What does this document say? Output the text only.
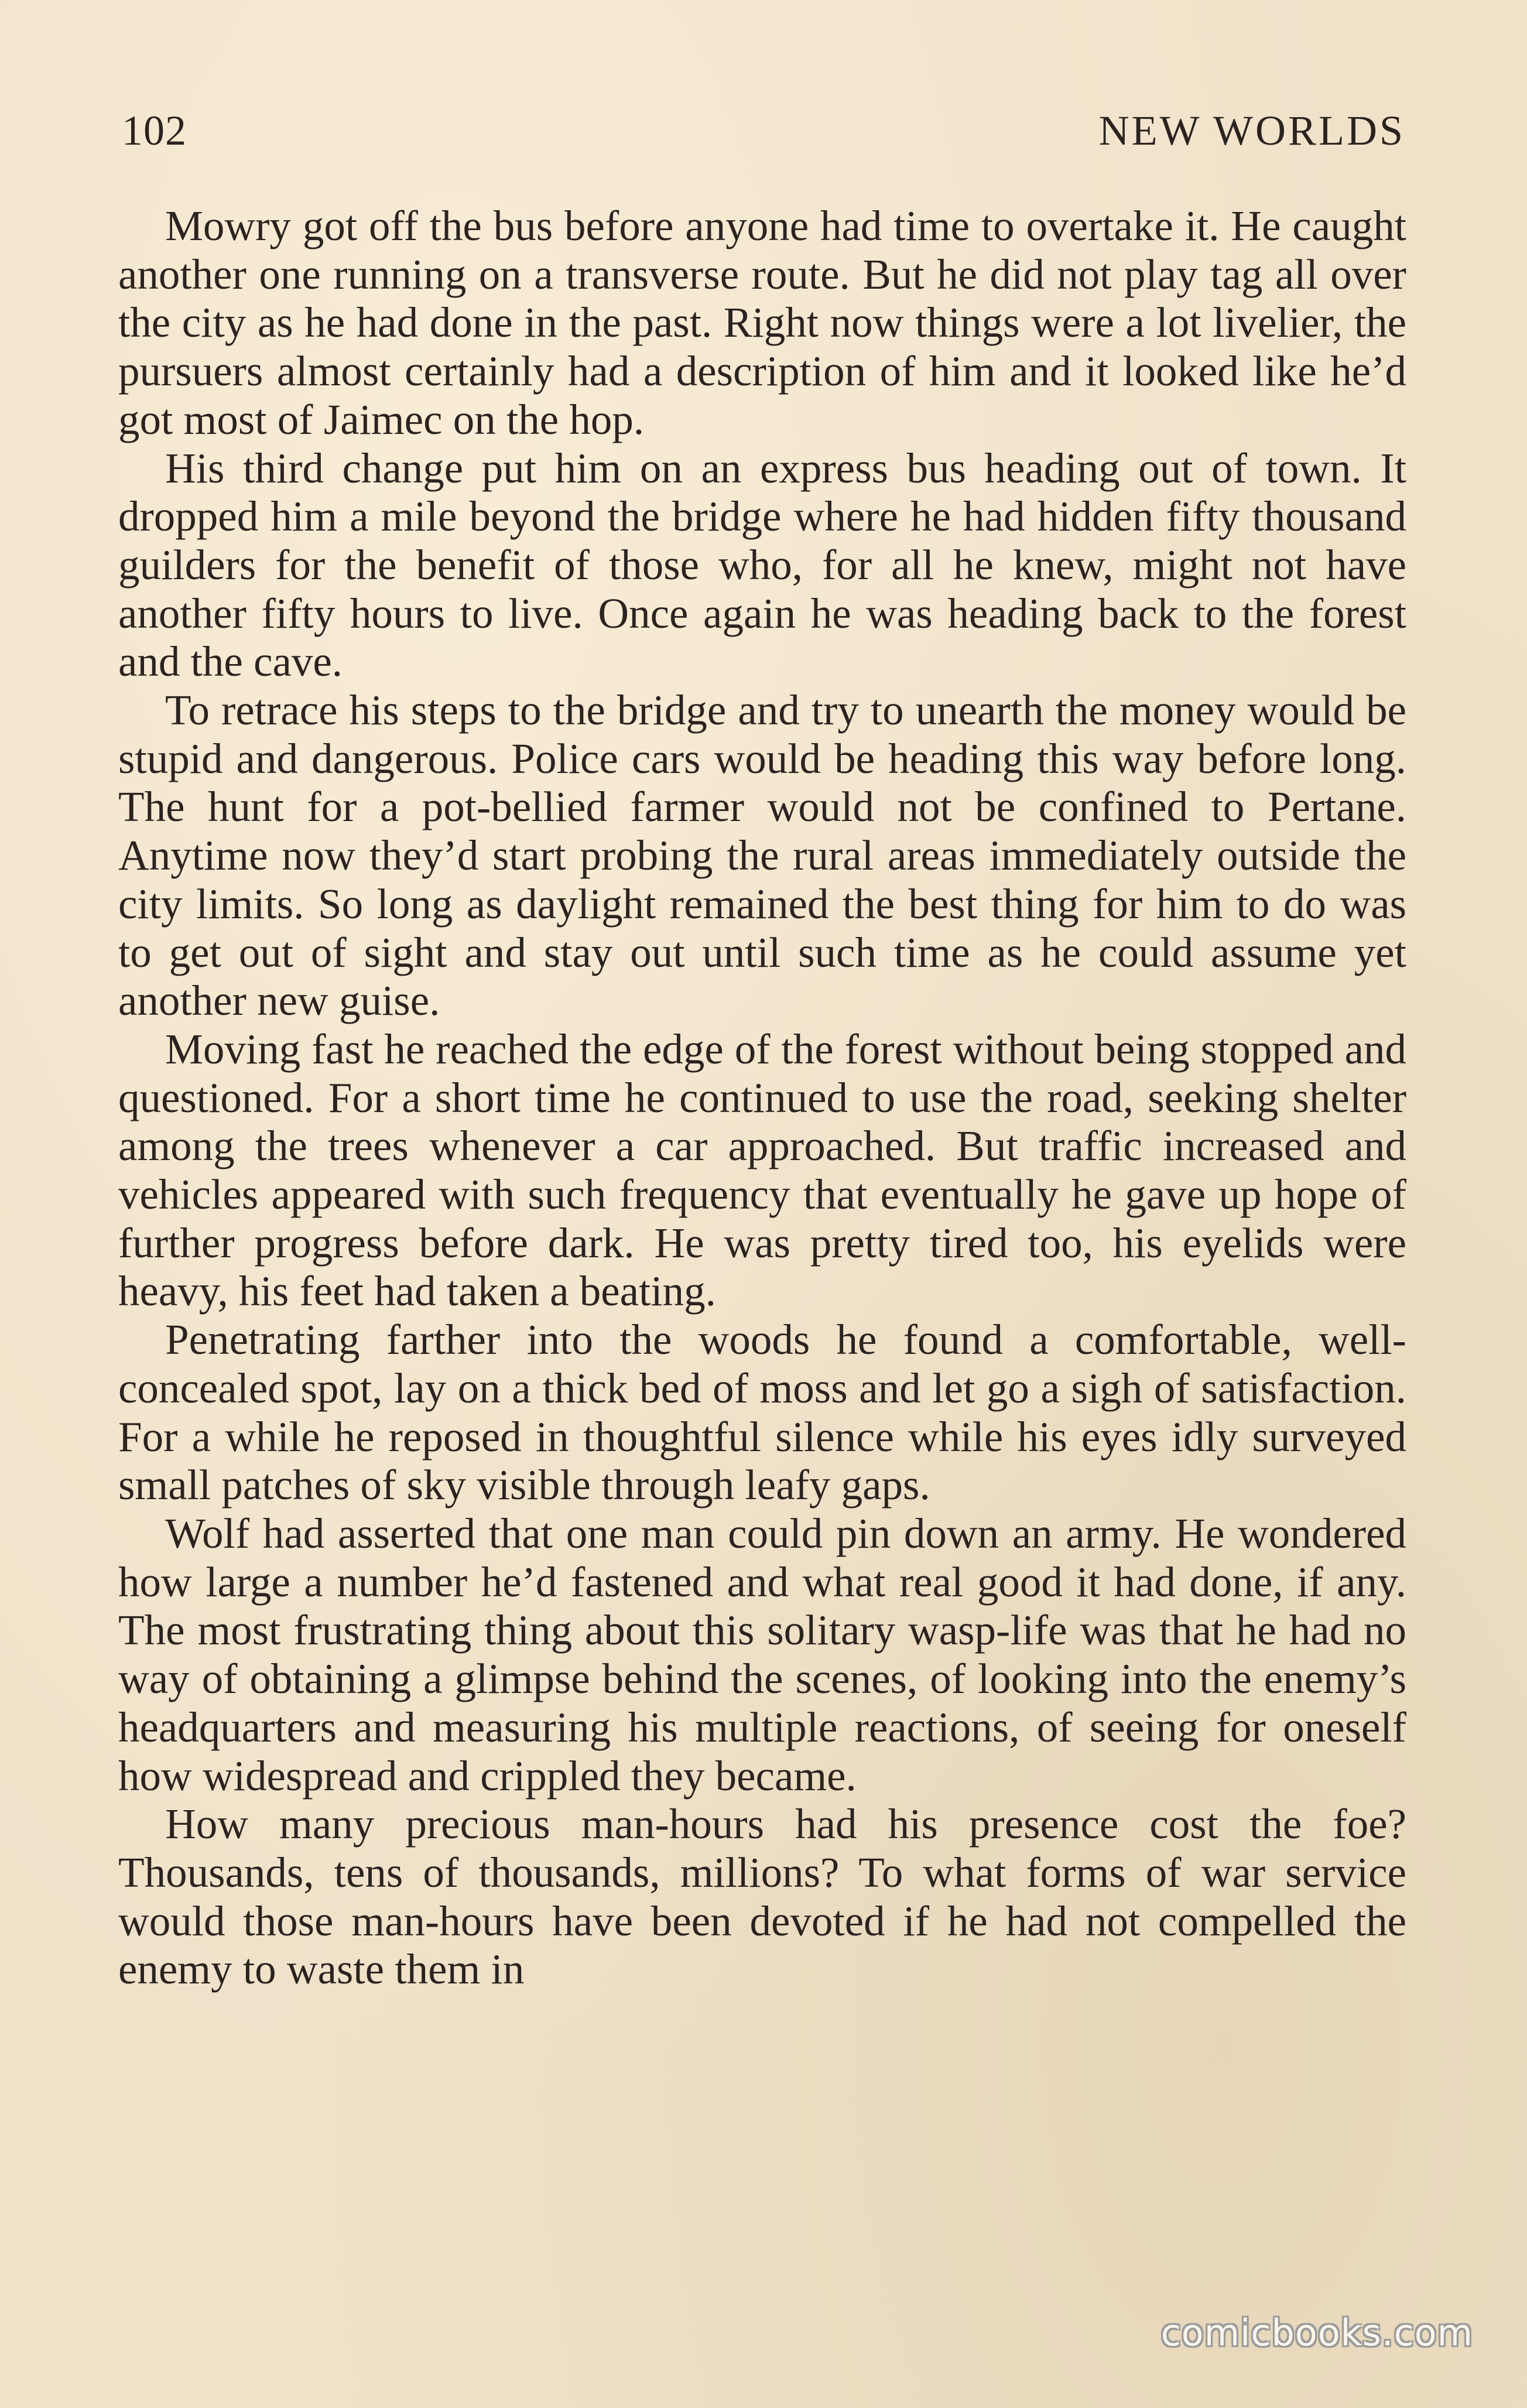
102	NEW WORLDS

Mowry got off the bus before anyone had time to overtake it. He caught another one running on a transverse route. But he did not play tag all over the city as he had done in the past. Right now things were a lot livelier, the pursuers almost certainly had a description of him and it looked like he’d got most of Jaimec on the hop.

His third change put him on an express bus heading out of town. It dropped him a mile beyond the bridge where he had hidden fifty thousand guilders for the benefit of those who, for all he knew, might not have another fifty hours to live. Once again he was heading back to the forest and the cave.

To retrace his steps to the bridge and try to unearth the money would be stupid and dangerous. Police cars would be heading this way before long. The hunt for a pot-bellied farmer would not be confined to Pertane. Anytime now they’d start probing the rural areas immediately outside the city limits. So long as daylight remained the best thing for him to do was to get out of sight and stay out until such time as he could assume yet another new guise.

Moving fast he reached the edge of the forest without being stopped and questioned. For a short time he continued to use the road, seeking shelter among the trees whenever a car approached. But traffic increased and vehicles appeared with such frequency that eventually he gave up hope of further progress before dark. He was pretty tired too, his eyelids were heavy, his feet had taken a beating.

Penetrating farther into the woods he found a comfortable, well-concealed spot, lay on a thick bed of moss and let go a sigh of satisfaction. For a while he reposed in thoughtful silence while his eyes idly surveyed small patches of sky visible through leafy gaps.

Wolf had asserted that one man could pin down an army. He wondered how large a number he’d fastened and what real good it had done, if any. The most frustrating thing about this solitary wasp-life was that he had no way of obtaining a glimpse behind the scenes, of looking into the enemy’s headquarters and measuring his multiple reactions, of seeing for oneself how widespread and crippled they became.

How many precious man-hours had his presence cost the foe? Thousands, tens of thousands, millions? To what forms of war service would those man-hours have been devoted if he had not compelled the enemy to waste them in

comicbooks.com
